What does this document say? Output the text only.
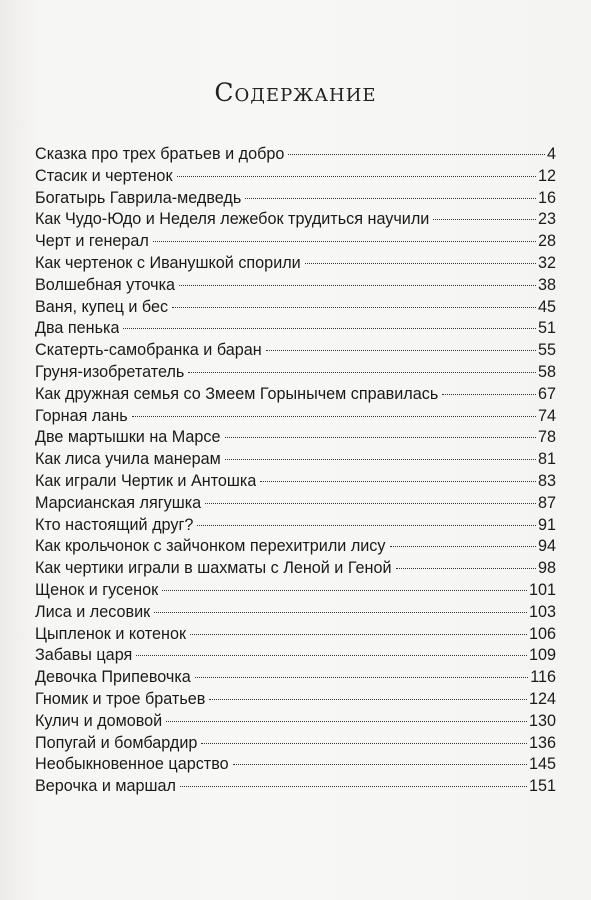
Содержание
Сказка про трех братьев и добро	4
Стасик и чертенок	12
Богатырь Гаврила-медведь	16
Как Чудо-Юдо и Неделя лежебок трудиться научили	23
Черт и генерал	28
Как чертенок с Иванушкой спорили	32
Волшебная уточка	38
Ваня, купец и бес	45
Два пенька	51
Скатерть-самобранка и баран	55
Груня-изобретатель	58
Как дружная семья со Змеем Горынычем справилась	67
Горная лань	74
Две мартышки на Марсе	78
Как лиса учила манерам	81
Как играли Чертик и Антошка	83
Марсианская лягушка	87
Кто настоящий друг?	91
Как крольчонок с зайчонком перехитрили лису	94
Как чертики играли в шахматы с Леной и Геной	98
Щенок и гусенок	101
Лиса и лесовик	103
Цыпленок и котенок	106
Забавы царя	109
Девочка Припевочка	116
Гномик и трое братьев	124
Кулич и домовой	130
Попугай и бомбардир	136
Необыкновенное царство	145
Верочка и маршал	151
